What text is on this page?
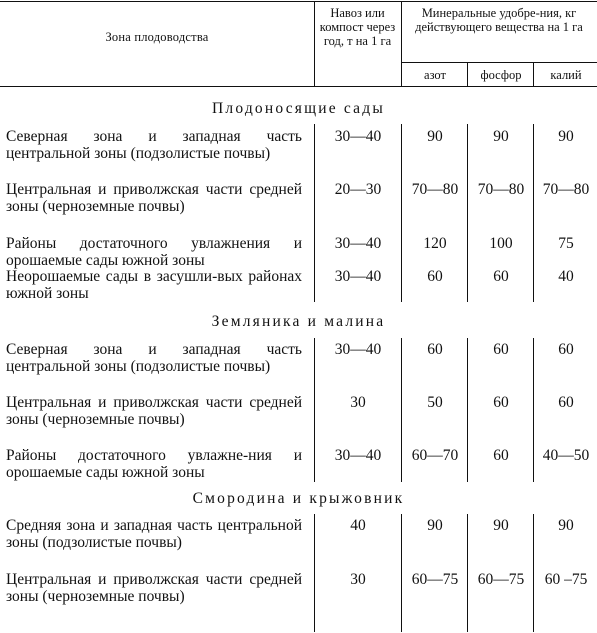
Зона плодоводства
Навоз или компост через год, т на 1 га
Минеральные удобре-ния, кг действующего вещества на 1 га
азот	фосфор	калий
Плодоносящие сады
Северная зона и западная часть центральной зоны (подзолистые почвы)
30—40	90	90	90
Центральная и приволжская части средней зоны (черноземные почвы)
20—30	70—80	70—80	70—80
Районы достаточного увлажнения и орошаемые сады южной зоны
30—40	120	100	75
Неорошаемые сады в засушли-вых районах южной зоны
30—40	60	60	40
Земляника и малина
Северная зона и западная часть центральной зоны (подзолистые почвы)
30—40	60	60	60
Центральная и приволжская части средней зоны (черноземные почвы)
30	50	60	60
Районы достаточного увлажне-ния и орошаемые сады южной зоны
30—40	60—70	60	40—50
Смородина и крыжовник
Средняя зона и западная часть центральной зоны (подзолистые почвы)
40	90	90	90
Центральная и приволжская части средней зоны (черноземные почвы)
30	60—75	60—75	60 –75
